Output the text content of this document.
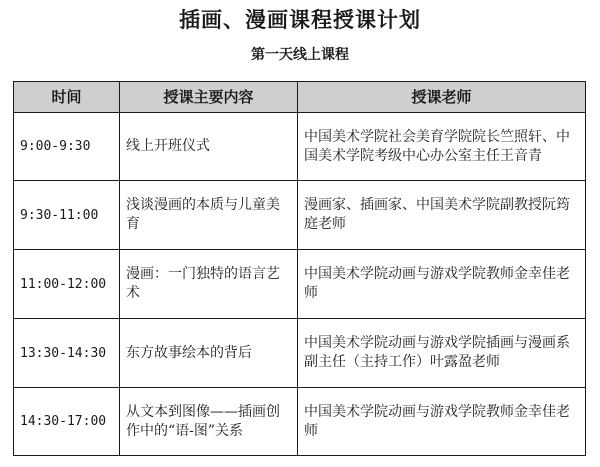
插画、漫画课程授课计划
第一天线上课程
时间	授课主要内容	授课老师
9:00-9:30	线上开班仪式	中国美术学院社会美育学院院长竺照轩、中国美术学院考级中心办公室主任王音青
9:30-11:00	浅谈漫画的本质与儿童美育	漫画家、插画家、中国美术学院副教授阮筠庭老师
11:00-12:00	漫画：一门独特的语言艺术	中国美术学院动画与游戏学院教师金幸佳老师
13:30-14:30	东方故事绘本的背后	中国美术学院动画与游戏学院插画与漫画系副主任（主持工作）叶露盈老师
14:30-17:00	从文本到图像——插画创作中的“语-图”关系	中国美术学院动画与游戏学院教师金幸佳老师
